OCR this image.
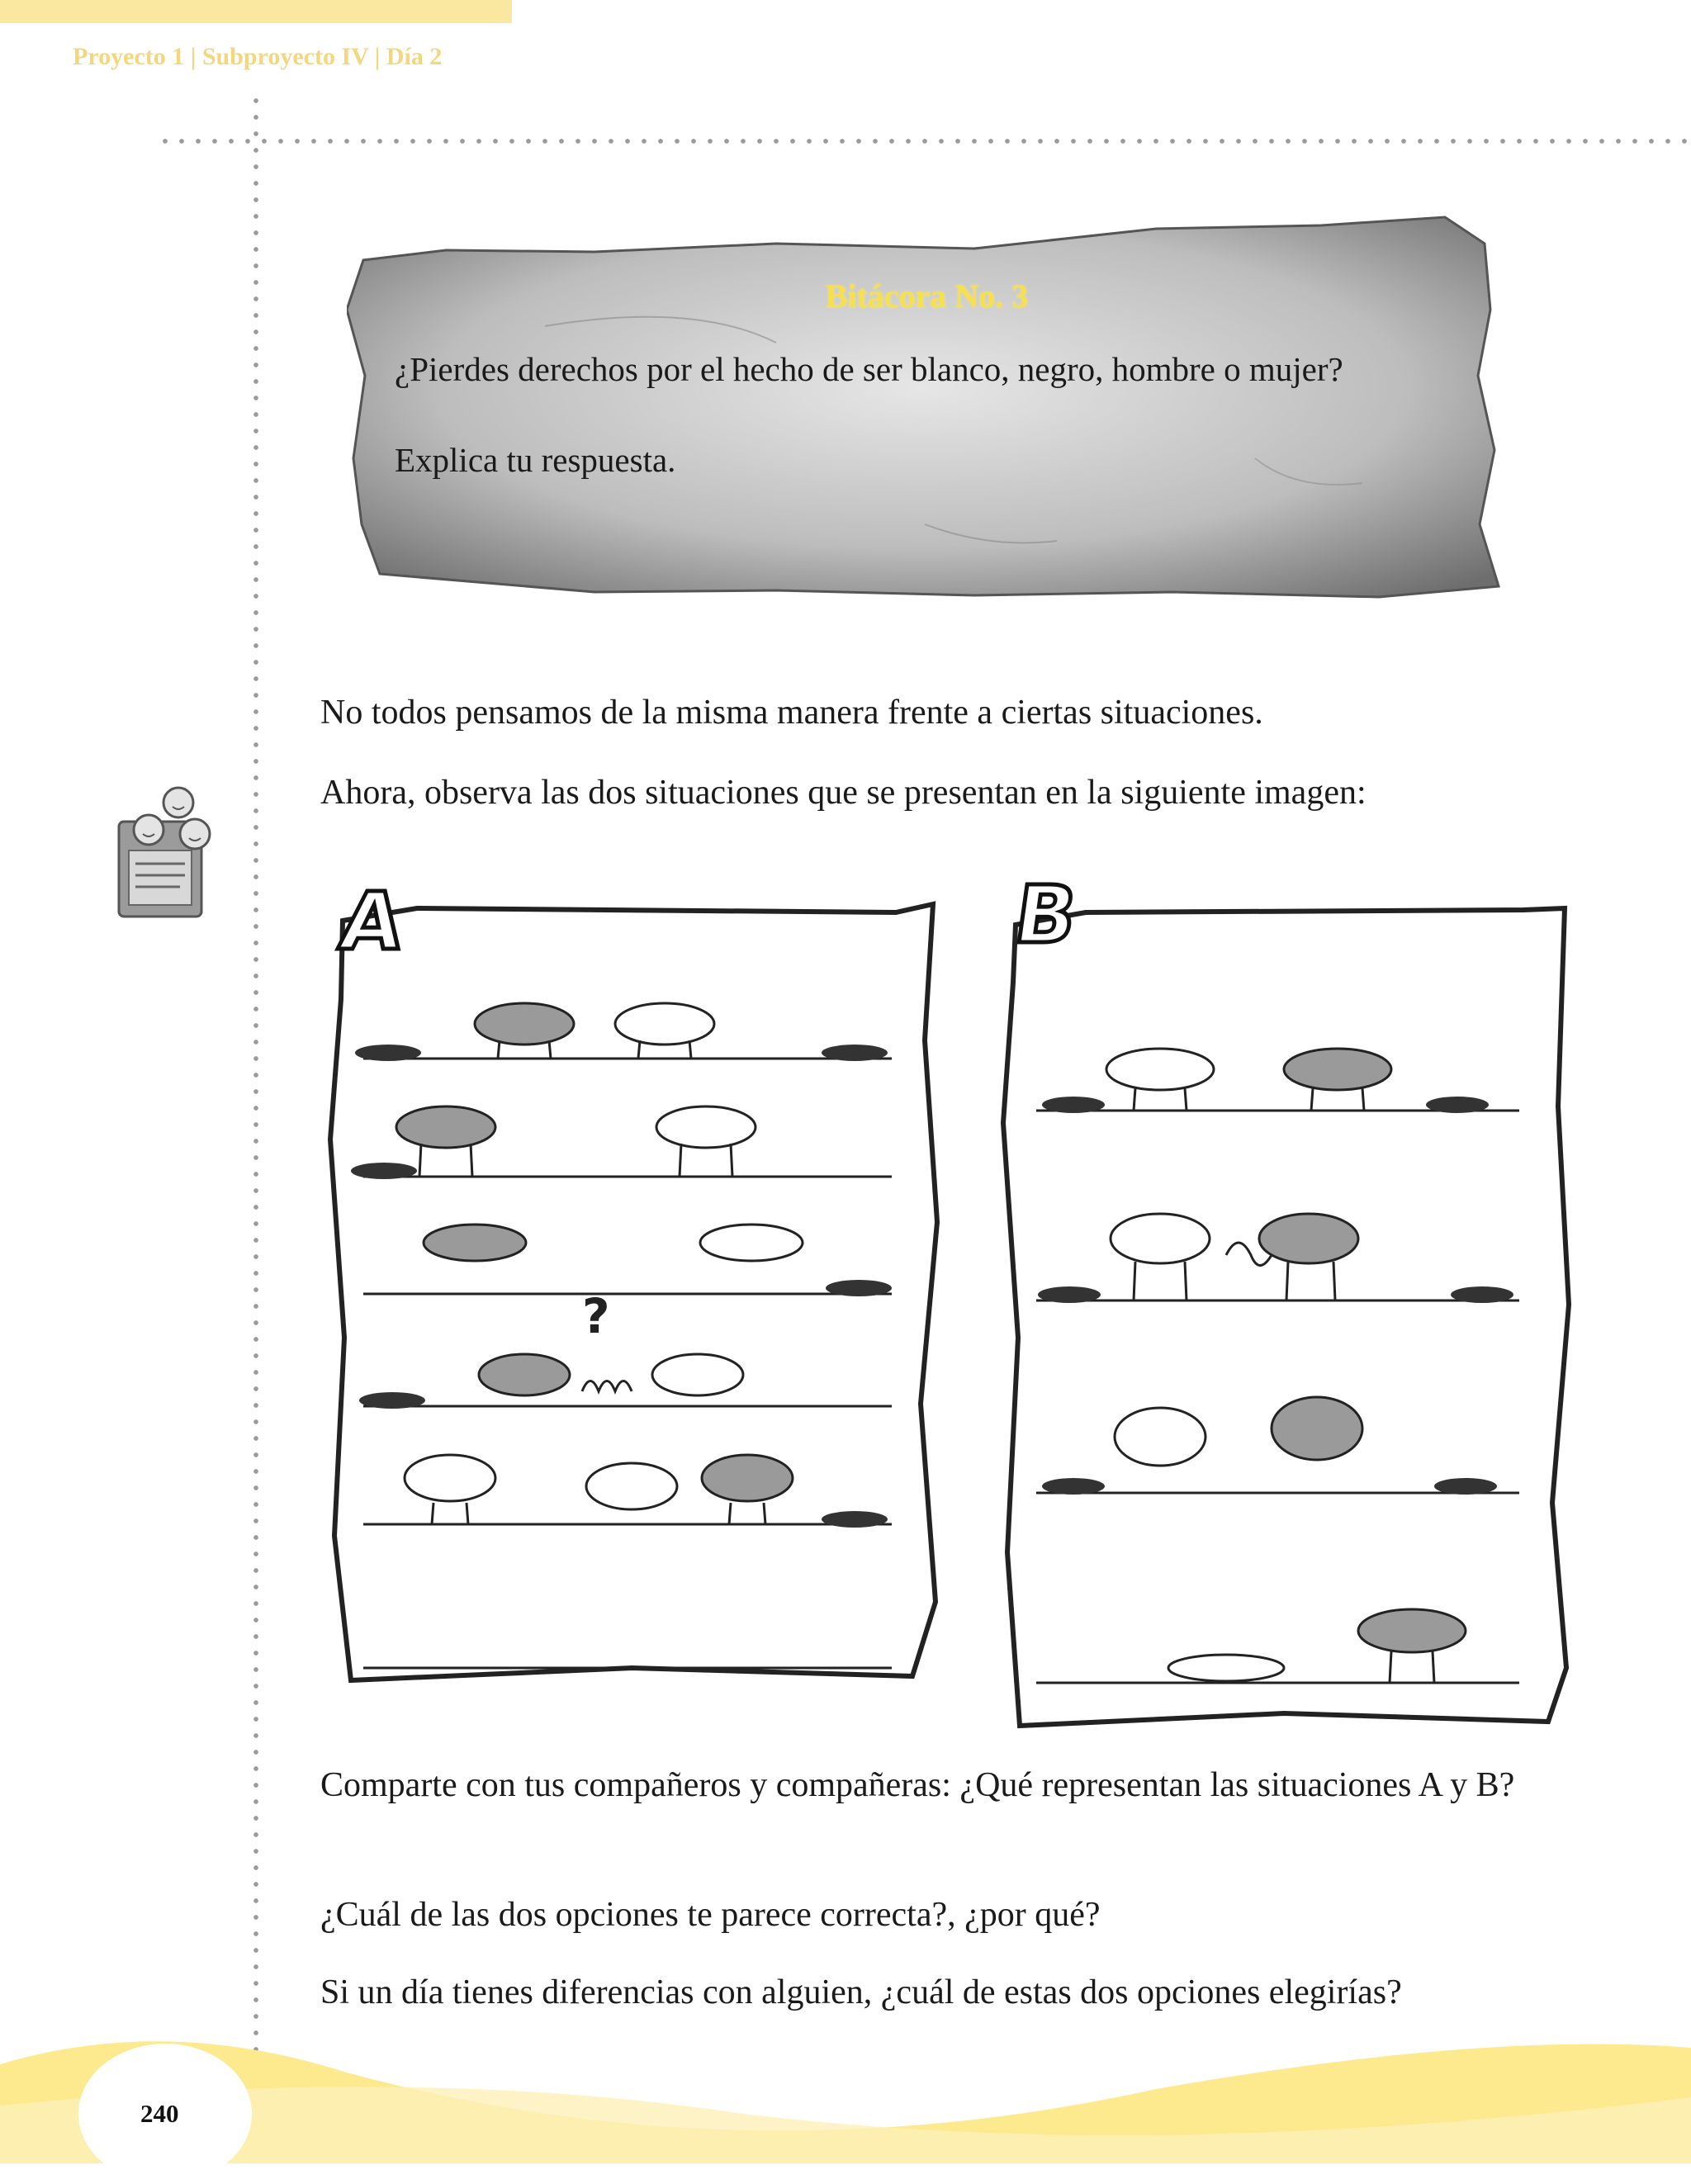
Proyecto 1 | Subproyecto IV | Día 2
Bitácora No. 3
¿Pierdes derechos por el hecho de ser blanco, negro, hombre o mujer?
Explica tu respuesta.
No todos pensamos de la misma manera frente a ciertas situaciones.
Ahora, observa las dos situaciones que se presentan en la siguiente imagen:
A
?
B
Comparte con tus compañeros y compañeras: ¿Qué representan las situaciones A y B?
¿Cuál de las dos opciones te parece correcta?, ¿por qué?
Si un día tienes diferencias con alguien, ¿cuál de estas dos opciones elegirías?
240
